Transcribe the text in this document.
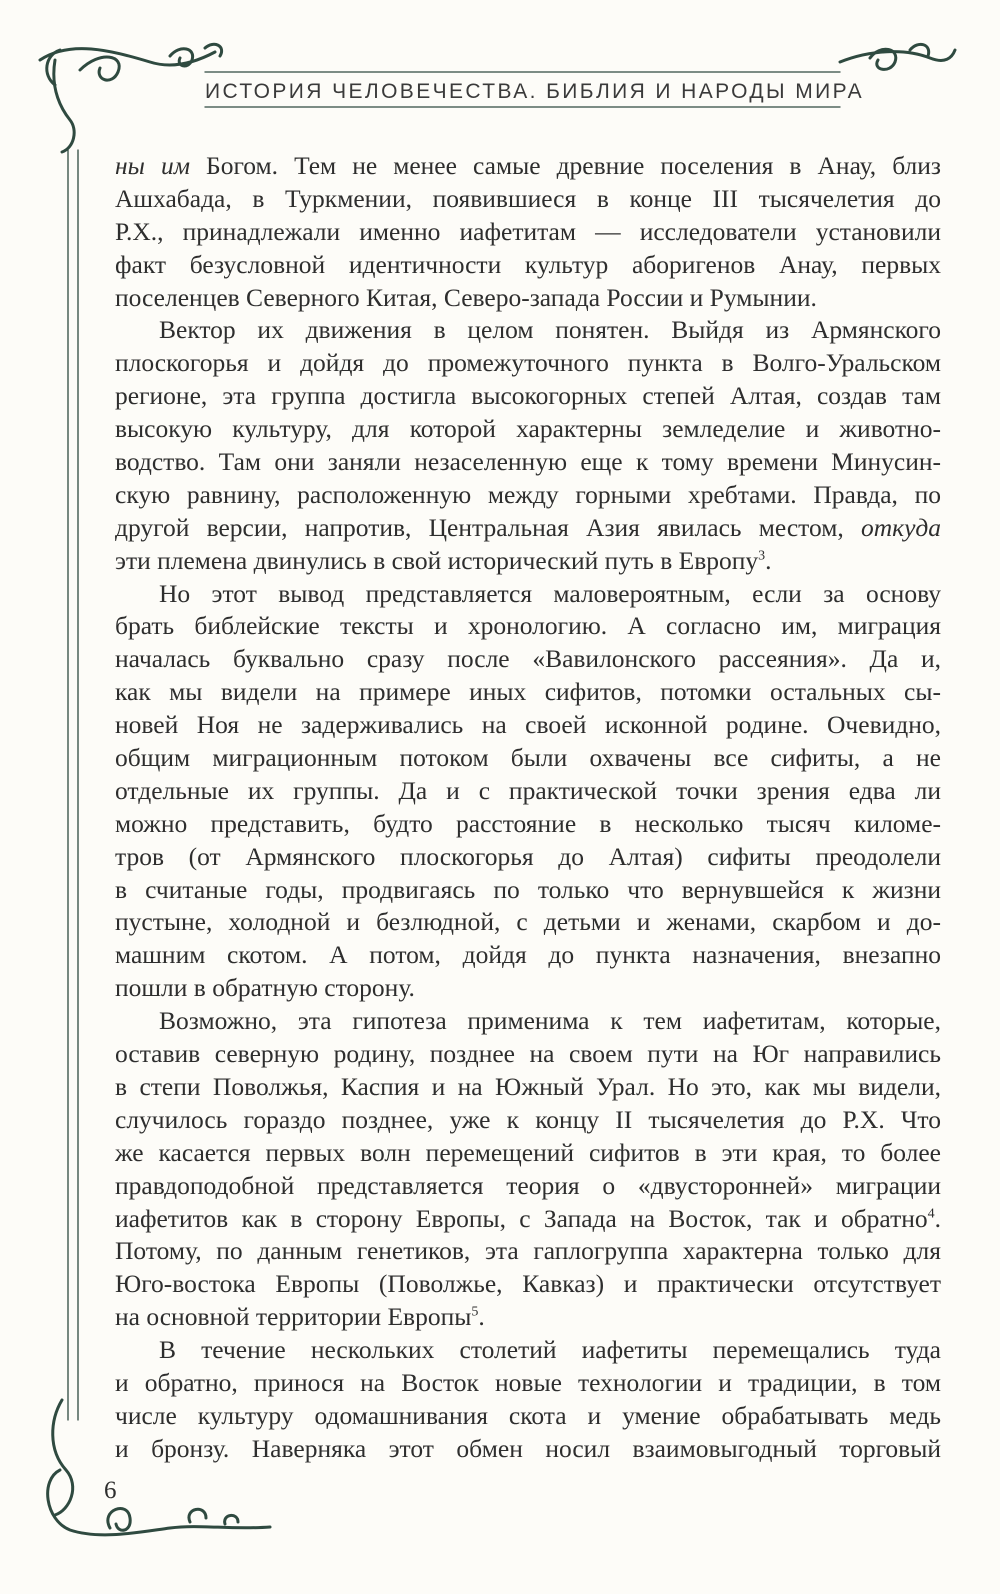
ИСТОРИЯ ЧЕЛОВЕЧЕСТВА. БИБЛИЯ И НАРОДЫ МИРА
ны им Богом. Тем не менее самые древние поселения в Анау, близ
Ашхабада, в Туркмении, появившиеся в конце III тысячелетия до
Р.Х., принадлежали именно иафетитам — исследователи установили
факт безусловной идентичности культур аборигенов Анау, первых
поселенцев Северного Китая, Северо-запада России и Румынии.
Вектор их движения в целом понятен. Выйдя из Армянского
плоскогорья и дойдя до промежуточного пункта в Волго-Уральском
регионе, эта группа достигла высокогорных степей Алтая, создав там
высокую культуру, для которой характерны земледелие и животно-
водство. Там они заняли незаселенную еще к тому времени Минусин-
скую равнину, расположенную между горными хребтами. Правда, по
другой версии, напротив, Центральная Азия явилась местом, откуда
эти племена двинулись в свой исторический путь в Европу$^3$.
Но этот вывод представляется маловероятным, если за основу
брать библейские тексты и хронологию. А согласно им, миграция
началась буквально сразу после «Вавилонского рассеяния». Да и,
как мы видели на примере иных сифитов, потомки остальных сы-
новей Ноя не задерживались на своей исконной родине. Очевидно,
общим миграционным потоком были охвачены все сифиты, а не
отдельные их группы. Да и с практической точки зрения едва ли
можно представить, будто расстояние в несколько тысяч киломе-
тров (от Армянского плоскогорья до Алтая) сифиты преодолели
в считаные годы, продвигаясь по только что вернувшейся к жизни
пустыне, холодной и безлюдной, с детьми и женами, скарбом и до-
машним скотом. А потом, дойдя до пункта назначения, внезапно
пошли в обратную сторону.
Возможно, эта гипотеза применима к тем иафетитам, которые,
оставив северную родину, позднее на своем пути на Юг направились
в степи Поволжья, Каспия и на Южный Урал. Но это, как мы видели,
случилось гораздо позднее, уже к концу II тысячелетия до Р.Х. Что
же касается первых волн перемещений сифитов в эти края, то более
правдоподобной представляется теория о «двусторонней» миграции
иафетитов как в сторону Европы, с Запада на Восток, так и обратно$^4$.
Потому, по данным генетиков, эта гаплогруппа характерна только для
Юго-востока Европы (Поволжье, Кавказ) и практически отсутствует
на основной территории Европы$^5$.
В течение нескольких столетий иафетиты перемещались туда
и обратно, принося на Восток новые технологии и традиции, в том
числе культуру одомашнивания скота и умение обрабатывать медь
и бронзу. Наверняка этот обмен носил взаимовыгодный торговый
6
